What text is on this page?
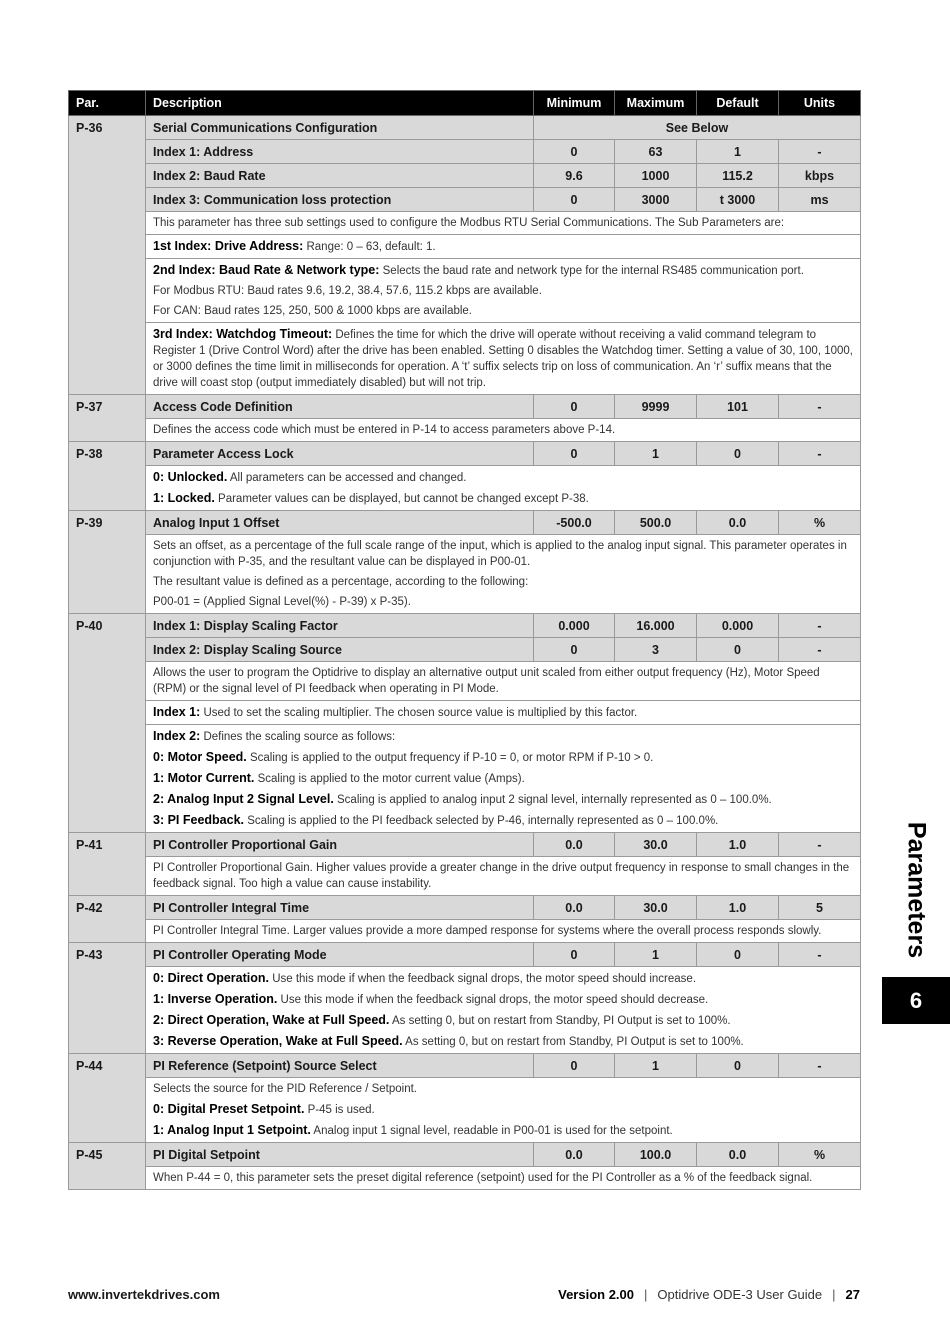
Par.	Description	Minimum	Maximum	Default	Units
P-36	Serial Communications Configuration	See Below			
	Index 1: Address	0	63	1	-
	Index 2: Baud Rate	9.6	1000	115.2	kbps
	Index 3: Communication loss protection	0	3000	t 3000	ms

	This parameter has three sub settings used to configure the Modbus RTU Serial Communications. The Sub Parameters are:				

	1st Index: Drive Address: Range: 0 – 63, default: 1.				

	2nd Index: Baud Rate & Network type: Selects the baud rate and network type for the internal RS485 communication port.

For Modbus RTU: Baud rates 9.6, 19.2, 38.4, 57.6, 115.2 kbps are available.

For CAN: Baud rates 125, 250, 500 & 1000 kbps are available.				

	3rd Index: Watchdog Timeout: Defines the time for which the drive will operate without receiving a valid command telegram to Register 1 (Drive Control Word) after the drive has been enabled. Setting 0 disables the Watchdog timer. Setting a value of 30, 100, 1000, or 3000 defines the time limit in milliseconds for operation. A ‘t’ suffix selects trip on loss of communication. An ‘r’ suffix means that the drive will coast stop (output immediately disabled) but will not trip.				

P-37	Access Code Definition	0	9999	101	-

	Defines the access code which must be entered in P-14 to access parameters above P-14.				

P-38	Parameter Access Lock	0	1	0	-

	0: Unlocked. All parameters can be accessed and changed.

1: Locked. Parameter values can be displayed, but cannot be changed except P-38.				

P-39	Analog Input 1 Offset	-500.0	500.0	0.0	%

	Sets an offset, as a percentage of the full scale range of the input, which is applied to the analog input signal. This parameter operates in conjunction with P-35, and the resultant value can be displayed in P00-01.

The resultant value is defined as a percentage, according to the following:

P00-01 = (Applied Signal Level(%) - P-39) x P-35).				

P-40	Index 1: Display Scaling Factor	0.000	16.000	0.000	-
	Index 2: Display Scaling Source	0	3	0	-

	Allows the user to program the Optidrive to display an alternative output unit scaled from either output frequency (Hz), Motor Speed (RPM) or the signal level of PI feedback when operating in PI Mode.				

	Index 1: Used to set the scaling multiplier. The chosen source value is multiplied by this factor.				

	Index 2: Defines the scaling source as follows:

0: Motor Speed. Scaling is applied to the output frequency if P-10 = 0, or motor RPM if P-10 > 0.

1: Motor Current. Scaling is applied to the motor current value (Amps).

2: Analog Input 2 Signal Level. Scaling is applied to analog input 2 signal level, internally represented as 0 – 100.0%.

3: PI Feedback. Scaling is applied to the PI feedback selected by P-46, internally represented as 0 – 100.0%.				

P-41	PI Controller Proportional Gain	0.0	30.0	1.0	-

	PI Controller Proportional Gain. Higher values provide a greater change in the drive output frequency in response to small changes in the feedback signal. Too high a value can cause instability.				

P-42	PI Controller Integral Time	0.0	30.0	1.0	5

	PI Controller Integral Time. Larger values provide a more damped response for systems where the overall process responds slowly.				

P-43	PI Controller Operating Mode	0	1	0	-

	0: Direct Operation. Use this mode if when the feedback signal drops, the motor speed should increase.

1: Inverse Operation. Use this mode if when the feedback signal drops, the motor speed should decrease.

2: Direct Operation, Wake at Full Speed. As setting 0, but on restart from Standby, PI Output is set to 100%.

3: Reverse Operation, Wake at Full Speed. As setting 0, but on restart from Standby, PI Output is set to 100%.				

P-44	PI Reference (Setpoint) Source Select	0	1	0	-

	Selects the source for the PID Reference / Setpoint.

0: Digital Preset Setpoint. P-45 is used.

1: Analog Input 1 Setpoint. Analog input 1 signal level, readable in P00-01 is used for the setpoint.				

P-45	PI Digital Setpoint	0.0	100.0	0.0	%

	When P-44 = 0, this parameter sets the preset digital reference (setpoint) used for the PI Controller as a % of the feedback signal.				

www.invertekdrives.com	Version 2.00 | Optidrive ODE-3 User Guide | 27
Parameters
6
